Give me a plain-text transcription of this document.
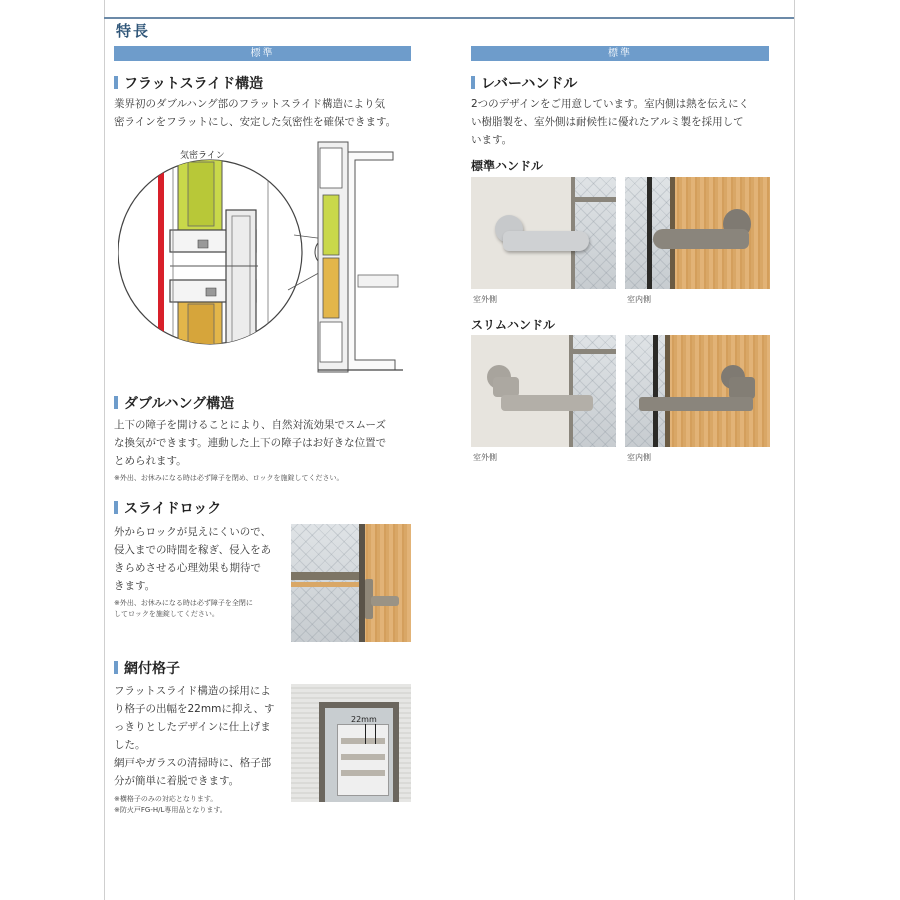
特長
標準
フラットスライド構造
業界初のダブルハング部のフラットスライド構造により気
密ラインをフラットにし、安定した気密性を確保できます。
気密ライン
ダブルハング構造
上下の障子を開けることにより、自然対流効果でスムーズ
な換気ができます。連動した上下の障子はお好きな位置で
とめられます。
※外出、お休みになる時は必ず障子を閉め、ロックを施錠してください。
スライドロック
外からロックが見えにくいので、
侵入までの時間を稼ぎ、侵入をあ
きらめさせる心理効果も期待で
きます。
※外出、お休みになる時は必ず障子を全閉に
してロックを施錠してください。
網付格子
フラットスライド構造の採用によ
り格子の出幅を22mmに抑え、す
っきりとしたデザインに仕上げま
した。
網戸やガラスの清掃時に、格子部
分が簡単に着脱できます。
※横格子のみの対応となります。
※防火戸FG-H/L専用品となります。
22mm
標準
レバーハンドル
2つのデザインをご用意しています。室内側は熱を伝えにく
い樹脂製を、室外側は耐候性に優れたアルミ製を採用して
います。
標準ハンドル
室外側	室内側
スリムハンドル
室外側	室内側
